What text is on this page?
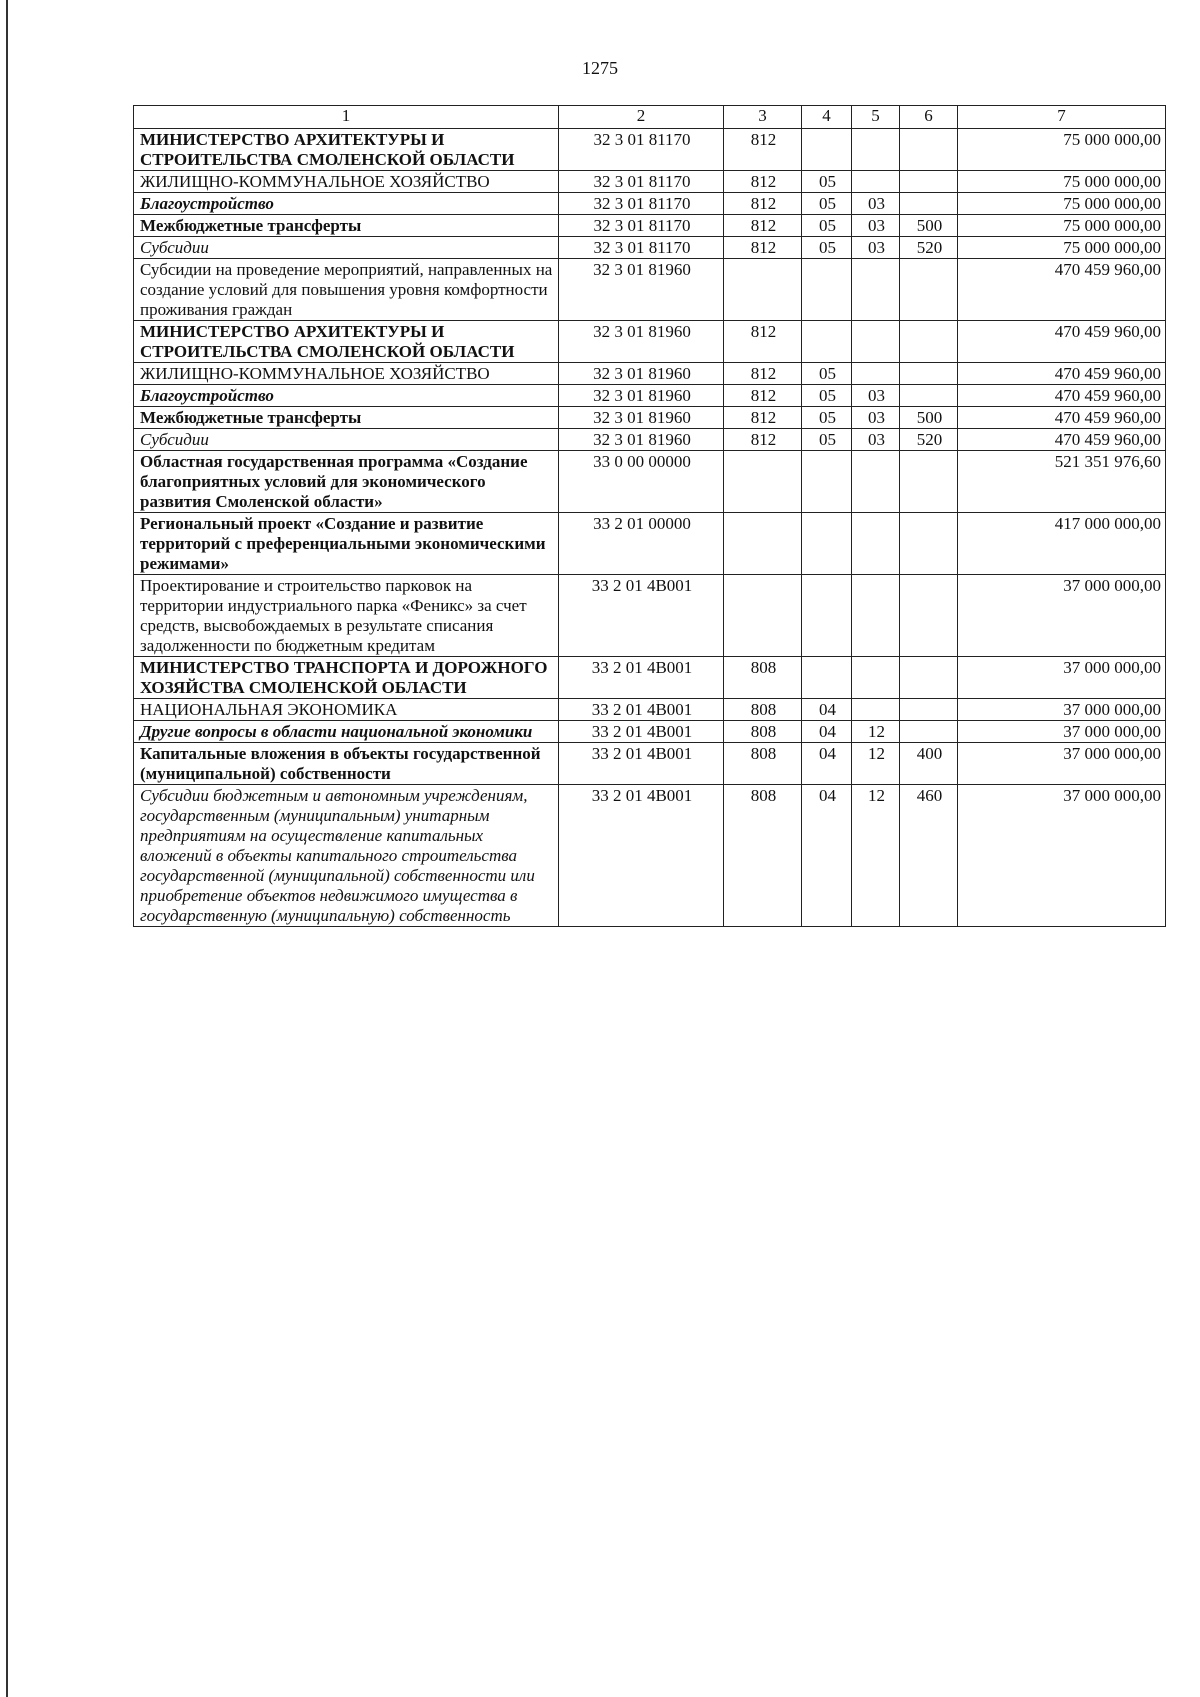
1275
1	2	3	4	5	6	7
МИНИСТЕРСТВО АРХИТЕКТУРЫ И СТРОИТЕЛЬСТВА СМОЛЕНСКОЙ ОБЛАСТИ	32 3 01 81170	812				75 000 000,00
ЖИЛИЩНО-КОММУНАЛЬНОЕ ХОЗЯЙСТВО	32 3 01 81170	812	05			75 000 000,00
Благоустройство	32 3 01 81170	812	05	03		75 000 000,00
Межбюджетные трансферты	32 3 01 81170	812	05	03	500	75 000 000,00
Субсидии	32 3 01 81170	812	05	03	520	75 000 000,00
Субсидии на проведение мероприятий, направленных на создание условий для повышения уровня комфортности проживания граждан	32 3 01 81960					470 459 960,00
МИНИСТЕРСТВО АРХИТЕКТУРЫ И СТРОИТЕЛЬСТВА СМОЛЕНСКОЙ ОБЛАСТИ	32 3 01 81960	812				470 459 960,00
ЖИЛИЩНО-КОММУНАЛЬНОЕ ХОЗЯЙСТВО	32 3 01 81960	812	05			470 459 960,00
Благоустройство	32 3 01 81960	812	05	03		470 459 960,00
Межбюджетные трансферты	32 3 01 81960	812	05	03	500	470 459 960,00
Субсидии	32 3 01 81960	812	05	03	520	470 459 960,00
Областная государственная программа «Создание благоприятных условий для экономического развития Смоленской области»	33 0 00 00000					521 351 976,60
Региональный проект «Создание и развитие территорий с преференциальными экономическими режимами»	33 2 01 00000					417 000 000,00
Проектирование и строительство парковок на территории индустриального парка «Феникс» за счет средств, высвобождаемых в результате списания задолженности по бюджетным кредитам	33 2 01 4В001					37 000 000,00
МИНИСТЕРСТВО ТРАНСПОРТА И ДОРОЖНОГО ХОЗЯЙСТВА СМОЛЕНСКОЙ ОБЛАСТИ	33 2 01 4В001	808				37 000 000,00
НАЦИОНАЛЬНАЯ ЭКОНОМИКА	33 2 01 4В001	808	04			37 000 000,00
Другие вопросы в области национальной экономики	33 2 01 4В001	808	04	12		37 000 000,00
Капитальные вложения в объекты государственной (муниципальной) собственности	33 2 01 4В001	808	04	12	400	37 000 000,00
Субсидии бюджетным и автономным учреждениям, государственным (муниципальным) унитарным предприятиям на осуществление капитальных вложений в объекты капитального строительства государственной (муниципальной) собственности или приобретение объектов недвижимого имущества в государственную (муниципальную) собственность	33 2 01 4В001	808	04	12	460	37 000 000,00
